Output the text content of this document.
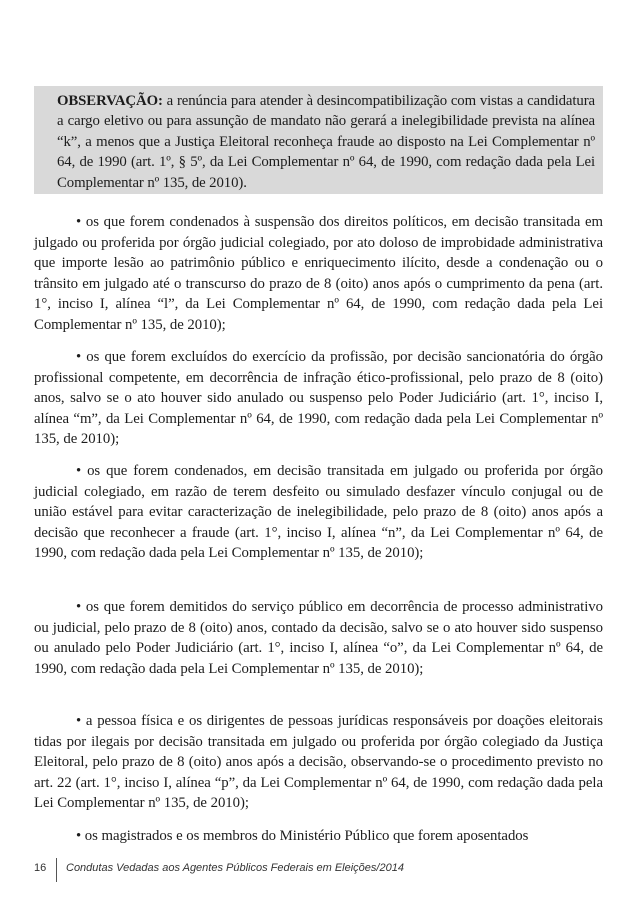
OBSERVAÇÃO: a renúncia para atender à desincompatibilização com vistas a candidatura a cargo eletivo ou para assunção de mandato não gerará a inelegibilidade prevista na alínea “k”, a menos que a Justiça Eleitoral reconheça fraude ao disposto na Lei Complementar nº 64, de 1990 (art. 1º, § 5º, da Lei Complementar nº 64, de 1990, com redação dada pela Lei Complementar nº 135, de 2010).
• os que forem condenados à suspensão dos direitos políticos, em decisão transitada em julgado ou proferida por órgão judicial colegiado, por ato doloso de improbidade administrativa que importe lesão ao patrimônio público e enriquecimento ilícito, desde a condenação ou o trânsito em julgado até o transcurso do prazo de 8 (oito) anos após o cumprimento da pena (art. 1°, inciso I, alínea “l”, da Lei Complementar nº 64, de 1990, com redação dada pela Lei Complementar nº 135, de 2010);
• os que forem excluídos do exercício da profissão, por decisão sancionatória do órgão profissional competente, em decorrência de infração ético-profissional, pelo prazo de 8 (oito) anos, salvo se o ato houver sido anulado ou suspenso pelo Poder Judiciário (art. 1°, inciso I, alínea “m”, da Lei Complementar nº 64, de 1990, com redação dada pela Lei Complementar nº 135, de 2010);
• os que forem condenados, em decisão transitada em julgado ou proferida por órgão judicial colegiado, em razão de terem desfeito ou simulado desfazer vínculo conjugal ou de união estável para evitar caracterização de inelegibilidade, pelo prazo de 8 (oito) anos após a decisão que reconhecer a fraude (art. 1°, inciso I, alínea “n”, da Lei Complementar nº 64, de 1990, com redação dada pela Lei Complementar nº 135, de 2010);
• os que forem demitidos do serviço público em decorrência de processo administrativo ou judicial, pelo prazo de 8 (oito) anos, contado da decisão, salvo se o ato houver sido suspenso ou anulado pelo Poder Judiciário (art. 1°, inciso I, alínea “o”, da Lei Complementar nº 64, de 1990, com redação dada pela Lei Complementar nº 135, de 2010);
• a pessoa física e os dirigentes de pessoas jurídicas responsáveis por doações eleitorais tidas por ilegais por decisão transitada em julgado ou proferida por órgão colegiado da Justiça Eleitoral, pelo prazo de 8 (oito) anos após a decisão, observando-se o procedimento previsto no art. 22 (art. 1°, inciso I, alínea “p”, da Lei Complementar nº 64, de 1990, com redação dada pela Lei Complementar nº 135, de 2010);
• os magistrados e os membros do Ministério Público que forem aposentados
16 Condutas Vedadas aos Agentes Públicos Federais em Eleições/2014
